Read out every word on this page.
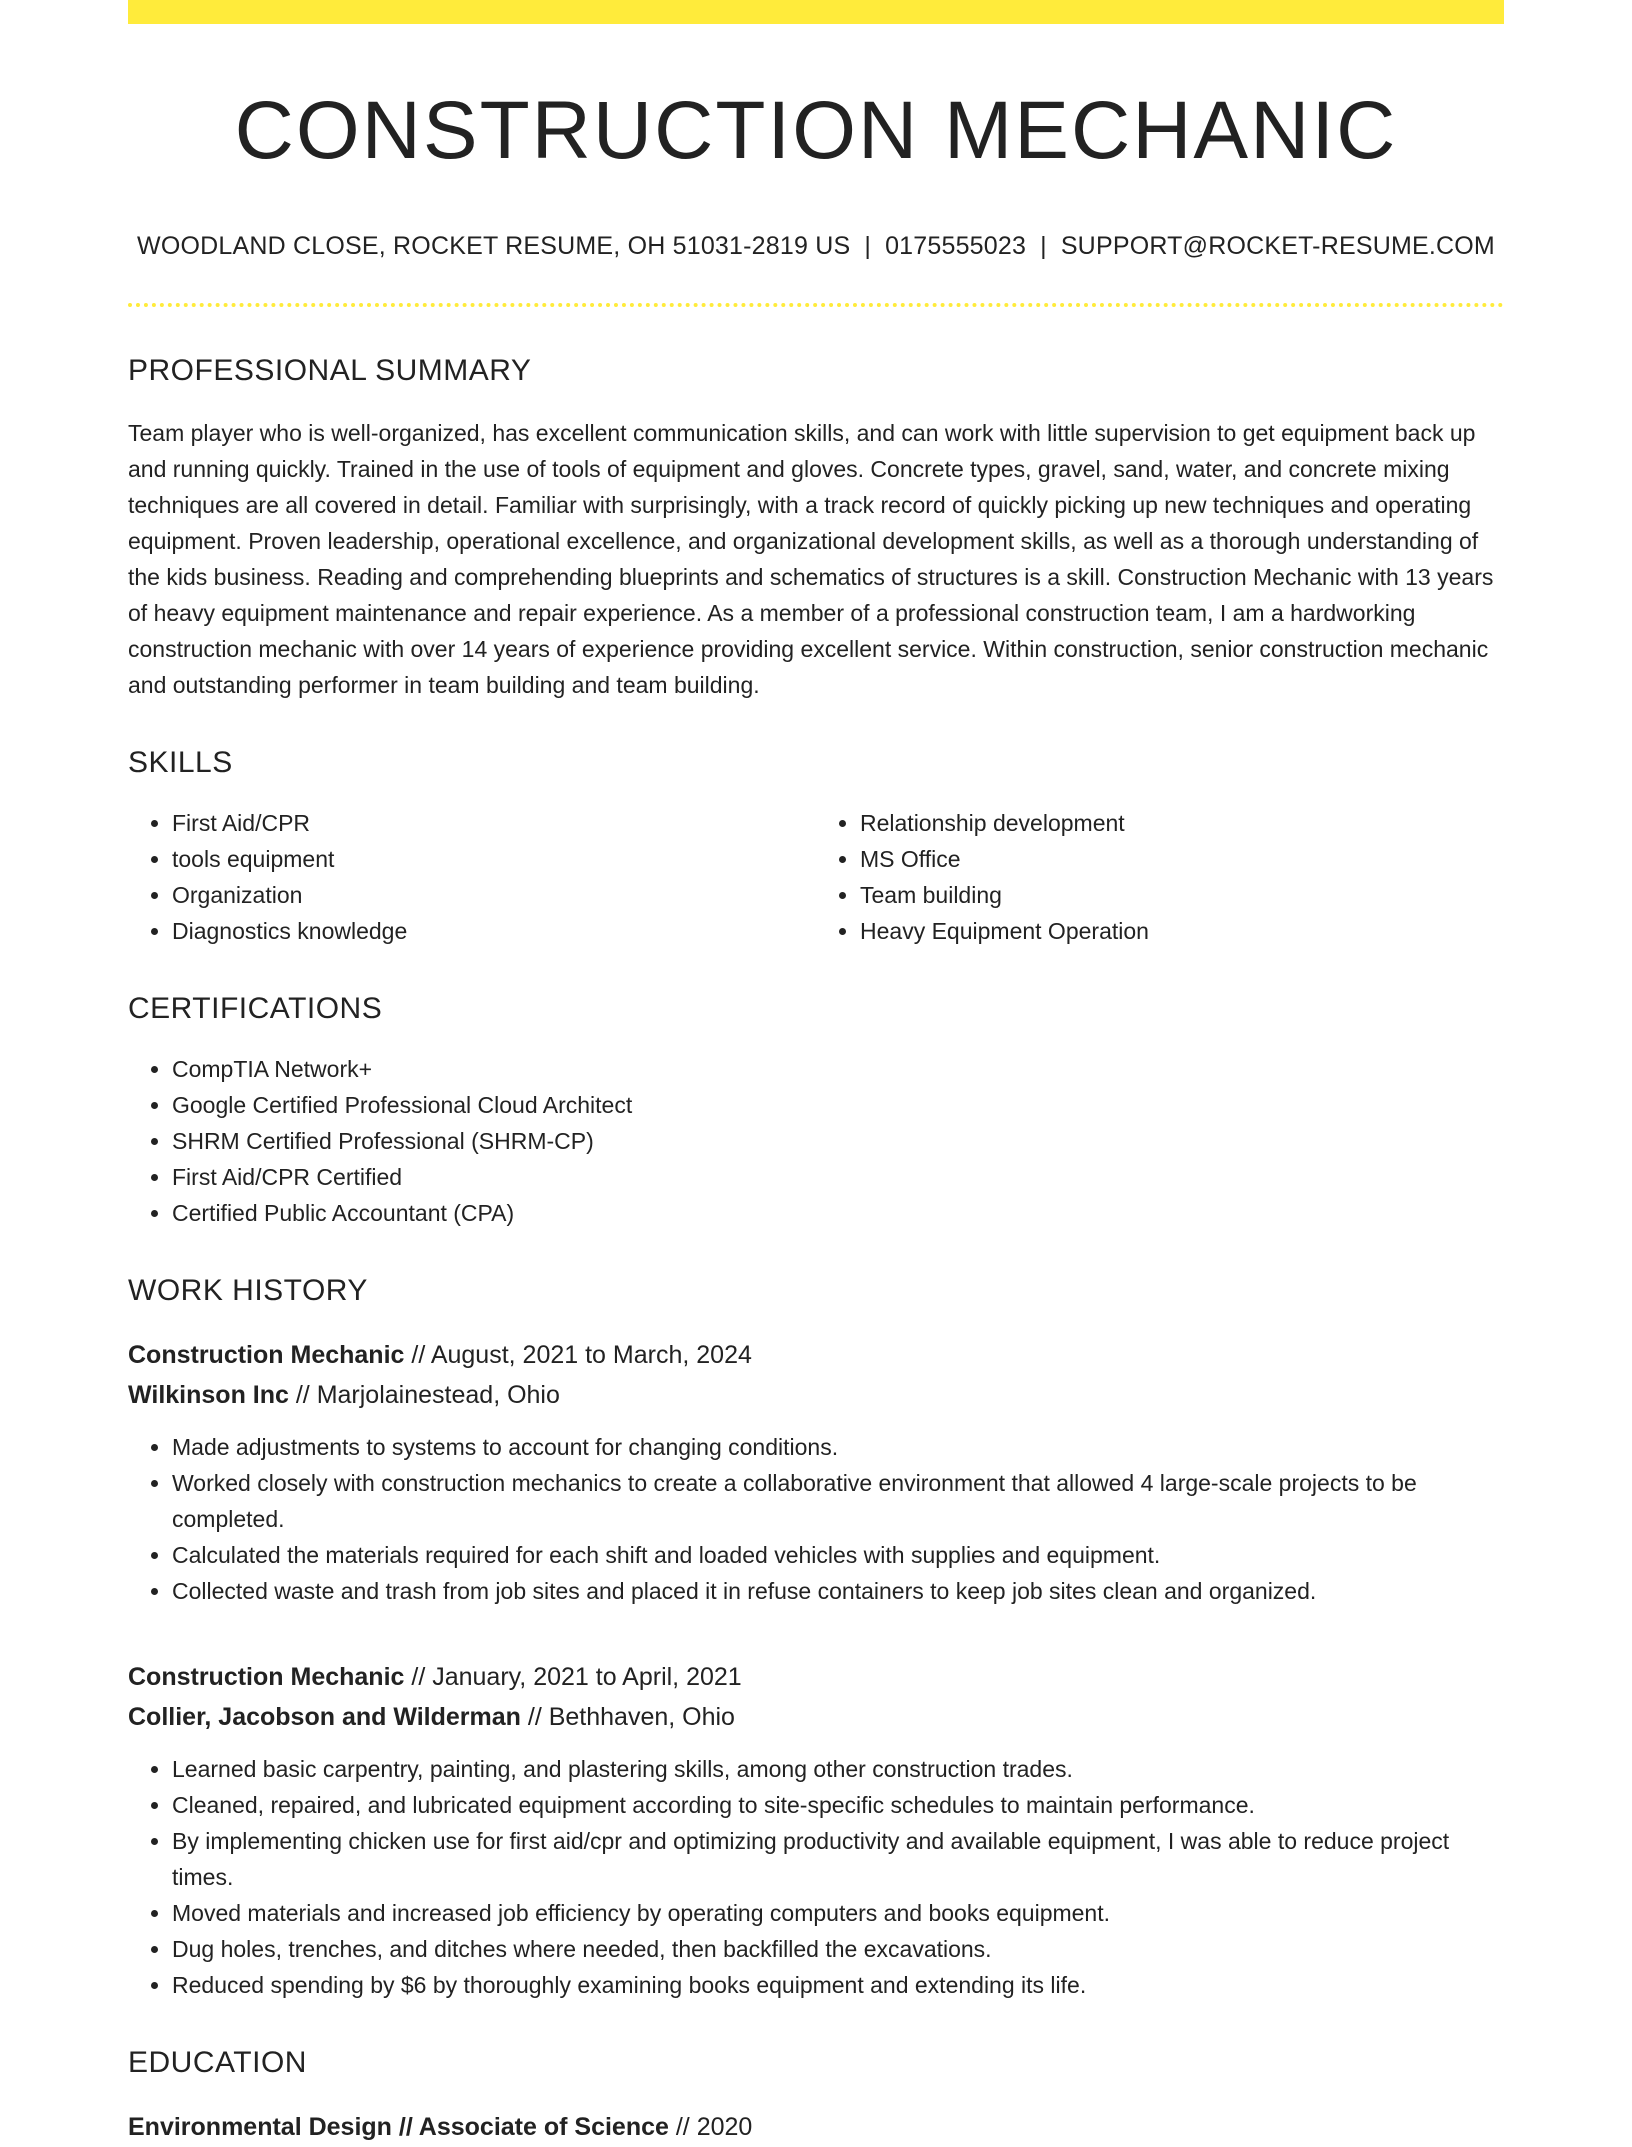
CONSTRUCTION MECHANIC
WOODLAND CLOSE, ROCKET RESUME, OH 51031-2819 US | 0175555023 | SUPPORT@ROCKET-RESUME.COM
PROFESSIONAL SUMMARY

Team player who is well-organized, has excellent communication skills, and can work with little supervision to get equipment back up and running quickly. Trained in the use of tools of equipment and gloves. Concrete types, gravel, sand, water, and concrete mixing techniques are all covered in detail. Familiar with surprisingly, with a track record of quickly picking up new techniques and operating equipment. Proven leadership, operational excellence, and organizational development skills, as well as a thorough understanding of the kids business. Reading and comprehending blueprints and schematics of structures is a skill. Construction Mechanic with 13 years of heavy equipment maintenance and repair experience. As a member of a professional construction team, I am a hardworking construction mechanic with over 14 years of experience providing excellent service. Within construction, senior construction mechanic and outstanding performer in team building and team building.

SKILLS
• First Aid/CPR
• tools equipment
• Organization
• Diagnostics knowledge
• Relationship development
• MS Office
• Team building
• Heavy Equipment Operation
CERTIFICATIONS
• CompTIA Network+
• Google Certified Professional Cloud Architect
• SHRM Certified Professional (SHRM-CP)
• First Aid/CPR Certified
• Certified Public Accountant (CPA)
WORK HISTORY
Construction Mechanic // August, 2021 to March, 2024
Wilkinson Inc // Marjolainestead, Ohio
• Made adjustments to systems to account for changing conditions.
• Worked closely with construction mechanics to create a collaborative environment that allowed 4 large-scale projects to be completed.
• Calculated the materials required for each shift and loaded vehicles with supplies and equipment.
• Collected waste and trash from job sites and placed it in refuse containers to keep job sites clean and organized.
Construction Mechanic // January, 2021 to April, 2021
Collier, Jacobson and Wilderman // Bethhaven, Ohio
• Learned basic carpentry, painting, and plastering skills, among other construction trades.
• Cleaned, repaired, and lubricated equipment according to site-specific schedules to maintain performance.
• By implementing chicken use for first aid/cpr and optimizing productivity and available equipment, I was able to reduce project times.
• Moved materials and increased job efficiency by operating computers and books equipment.
• Dug holes, trenches, and ditches where needed, then backfilled the excavations.
• Reduced spending by $6 by thoroughly examining books equipment and extending its life.
EDUCATION
Environmental Design // Associate of Science // 2020
